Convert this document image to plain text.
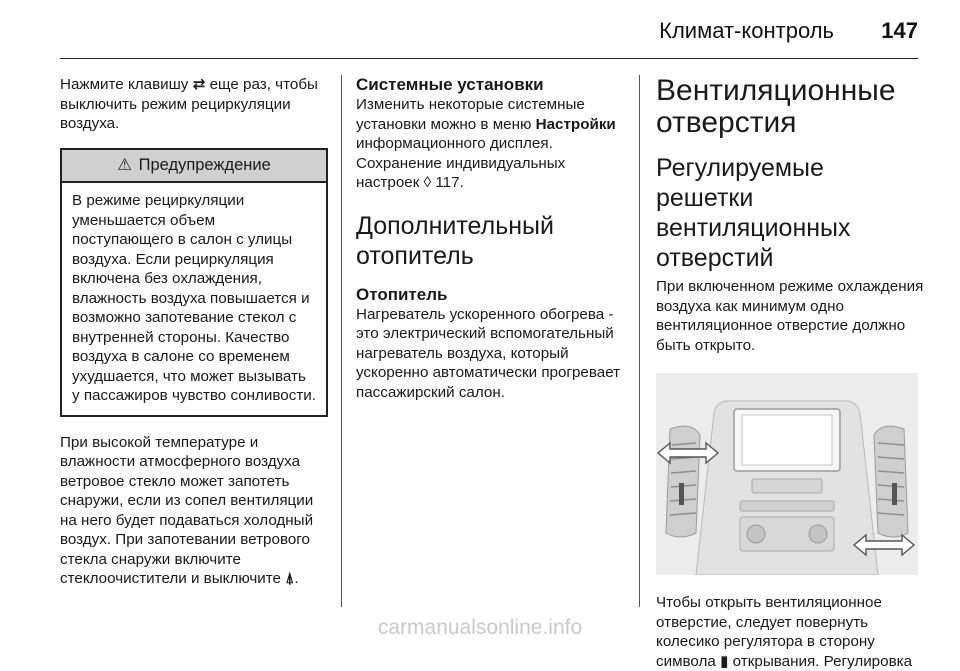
Климат-контроль 147

Нажмите клавишу ⇄ еще раз, чтобы выключить режим рециркуляции воздуха.

⚠ Предупреждение
В режиме рециркуляции уменьшается объем поступающего в салон с улицы воздуха. Если рециркуляция включена без охлаждения, влажность воздуха повышается и возможно запотевание стекол с внутренней стороны. Качество воздуха в салоне со временем ухудшается, что может вызывать у пассажиров чувство сонливости.

При высокой температуре и влажности атмосферного воздуха ветровое стекло может запотеть снаружи, если из сопел вентиляции на него будет подаваться холодный воздух. При запотевании ветрового стекла снаружи включите стеклоочистители и выключите ⍋.

Системные установки

Изменить некоторые системные установки можно в меню Настройки информационного дисплея. Сохранение индивидуальных настроек ◊ 117.

Дополнительный отопитель
Отопитель

Нагреватель ускоренного обогрева - это электрический вспомогательный нагреватель воздуха, который ускоренно автоматически прогревает пассажирский салон.

Вентиляционные отверстия
Регулируемые решетки вентиляционных отверстий

При включенном режиме охлаждения воздуха как минимум одно вентиляционное отверстие должно быть открыто.

Чтобы открыть вентиляционное отверстие, следует повернуть колесико регулятора в сторону символа ▮ открывания. Регулировка

carmanualsonline.info
